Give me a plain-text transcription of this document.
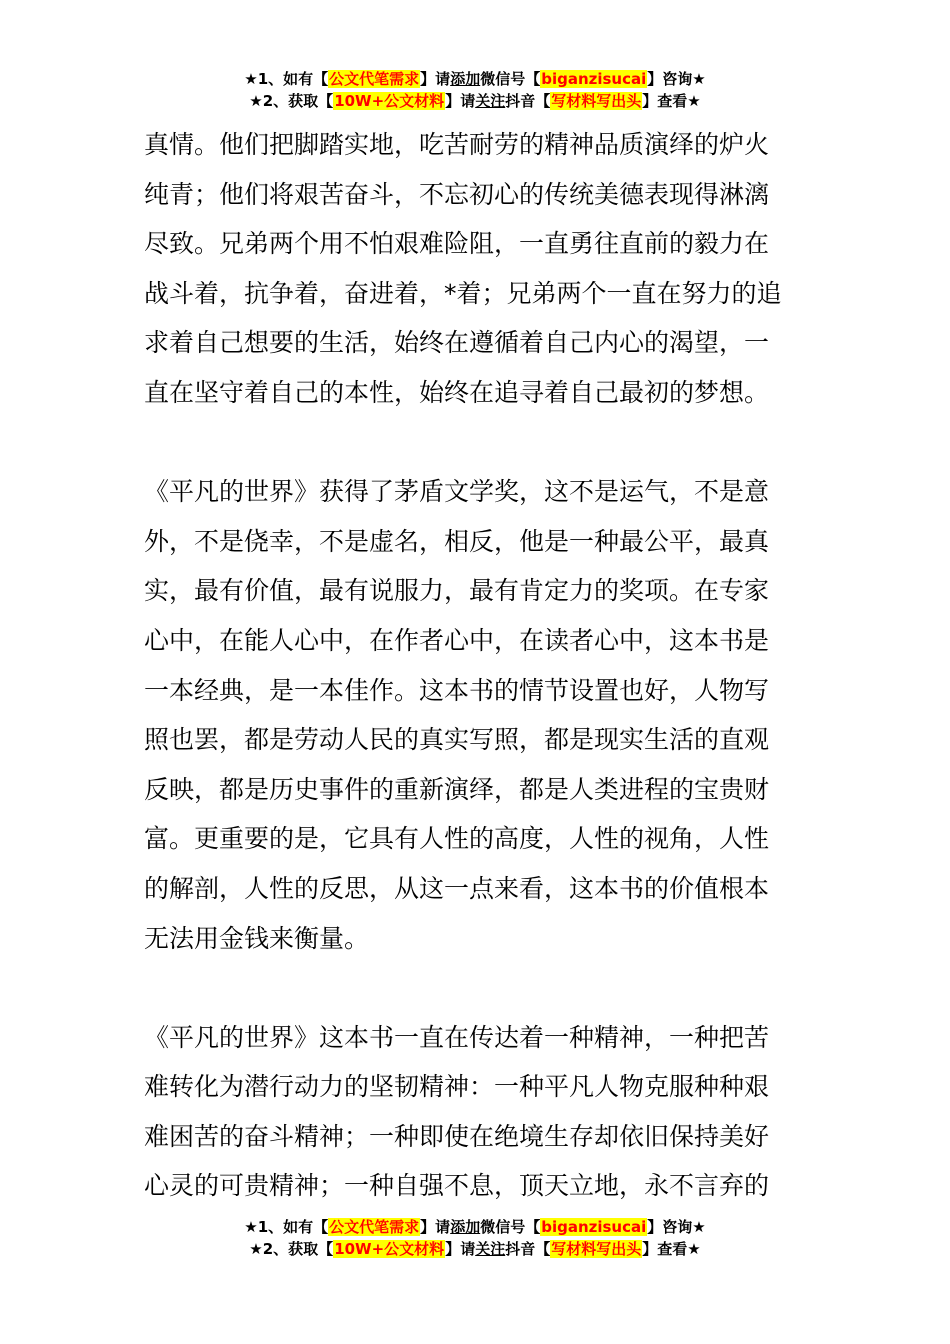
★1、如有【公文代笔需求】请添加微信号【biganzisucai】咨询★
★2、获取【10W+公文材料】请关注抖音【写材料写出头】查看★
真情。他们把脚踏实地，吃苦耐劳的精神品质演绎的炉火
纯青；他们将艰苦奋斗，不忘初心的传统美德表现得淋漓
尽致。兄弟两个用不怕艰难险阻，一直勇往直前的毅力在
战斗着，抗争着，奋进着，*着；兄弟两个一直在努力的追
求着自己想要的生活，始终在遵循着自己内心的渴望，一
直在坚守着自己的本性，始终在追寻着自己最初的梦想。
《平凡的世界》获得了茅盾文学奖，这不是运气，不是意
外，不是侥幸，不是虚名，相反，他是一种最公平，最真
实，最有价值，最有说服力，最有肯定力的奖项。在专家
心中，在能人心中，在作者心中，在读者心中，这本书是
一本经典，是一本佳作。这本书的情节设置也好，人物写
照也罢，都是劳动人民的真实写照，都是现实生活的直观
反映，都是历史事件的重新演绎，都是人类进程的宝贵财
富。更重要的是，它具有人性的高度，人性的视角，人性
的解剖，人性的反思，从这一点来看，这本书的价值根本
无法用金钱来衡量。
《平凡的世界》这本书一直在传达着一种精神，一种把苦
难转化为潜行动力的坚韧精神：一种平凡人物克服种种艰
难困苦的奋斗精神；一种即使在绝境生存却依旧保持美好
心灵的可贵精神；一种自强不息，顶天立地，永不言弃的
★1、如有【公文代笔需求】请添加微信号【biganzisucai】咨询★
★2、获取【10W+公文材料】请关注抖音【写材料写出头】查看★
